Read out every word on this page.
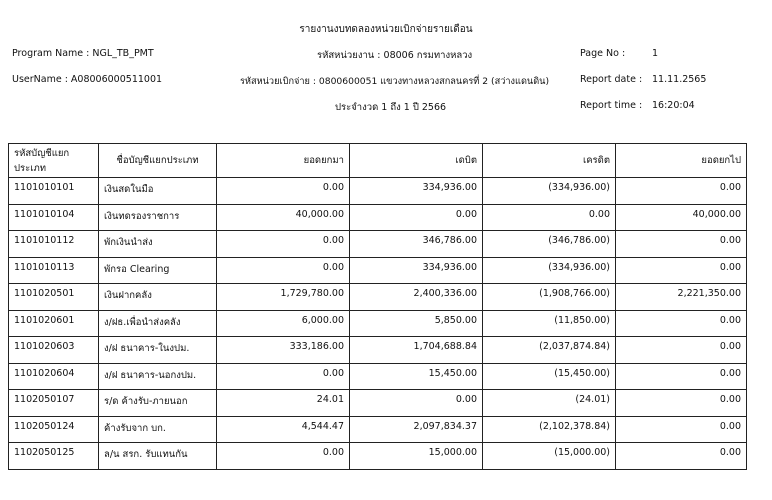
รายงานงบทดลองหน่วยเบิกจ่ายรายเดือน
Program Name : NGL_TB_PMT	รหัสหน่วยงาน : 08006 กรมทางหลวง	Page No :	1
UserName : A08006000511001	รหัสหน่วยเบิกจ่าย : 0800600051 แขวงทางหลวงสกลนครที่ 2 (สว่างแดนดิน)	Report date : 11.11.2565
ประจำงวด 1 ถึง 1 ปี 2566	Report time : 16:20:04
รหัสบัญชีแยกประเภท	ชื่อบัญชีแยกประเภท	ยอดยกมา	เดบิต	เครดิต	ยอดยกไป
1101010101	เงินสดในมือ	0.00	334,936.00	(334,936.00)	0.00
1101010104	เงินทดรองราชการ	40,000.00	0.00	0.00	40,000.00
1101010112	พักเงินนำส่ง	0.00	346,786.00	(346,786.00)	0.00
1101010113	พักรอ Clearing	0.00	334,936.00	(334,936.00)	0.00
1101020501	เงินฝากคลัง	1,729,780.00	2,400,336.00	(1,908,766.00)	2,221,350.00
1101020601	ง/ฝธ.เพื่อนำส่งคลัง	6,000.00	5,850.00	(11,850.00)	0.00
1101020603	ง/ฝ ธนาคาร-ในงปม.	333,186.00	1,704,688.84	(2,037,874.84)	0.00
1101020604	ง/ฝ ธนาคาร-นอกงปม.	0.00	15,450.00	(15,450.00)	0.00
1102050107	ร/ด ค้างรับ-ภายนอก	24.01	0.00	(24.01)	0.00
1102050124	ค้างรับจาก บก.	4,544.47	2,097,834.37	(2,102,378.84)	0.00
1102050125	ล/น สรก. รับแทนกัน	0.00	15,000.00	(15,000.00)	0.00
